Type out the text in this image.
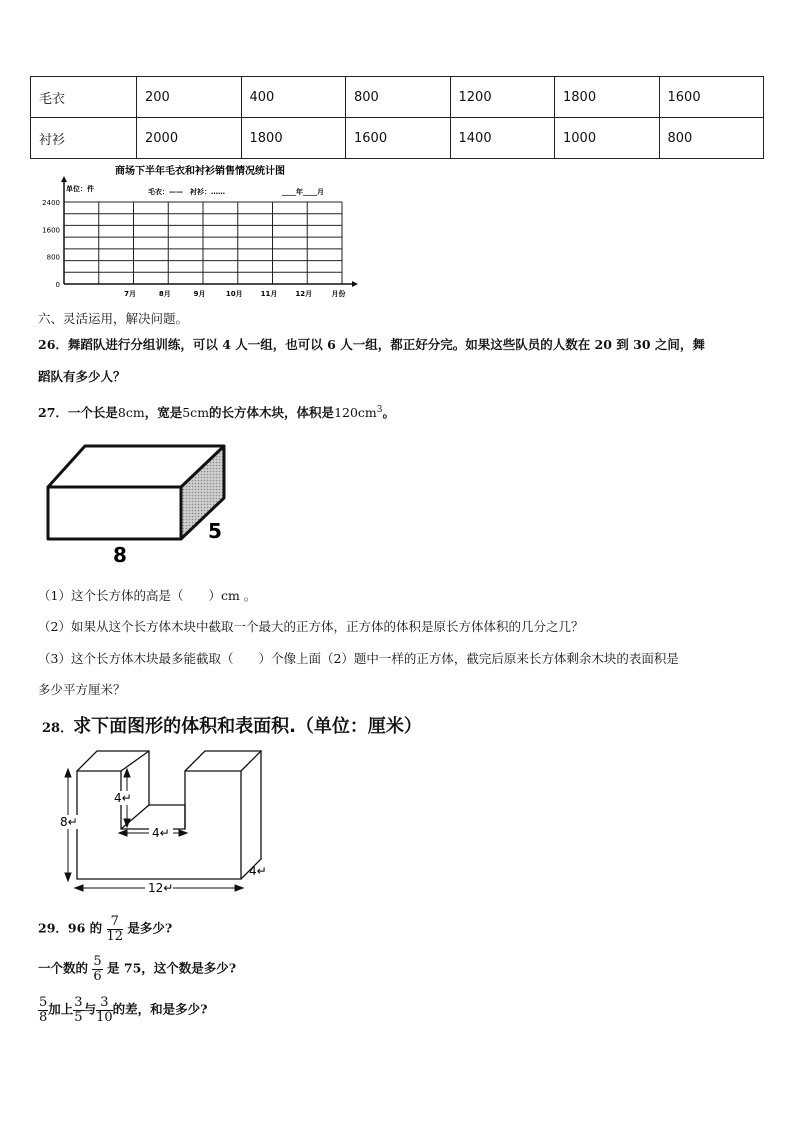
毛衣	200	400	800	1200	1800	1600
衬衫	2000	1800	1600	1400	1000	800
商场下半年毛衣和衬衫销售情况统计图
单位：件	毛衣：—— 衬衫：……	____年____月
2400
1600
800
0
7月	8月	9月	10月	11月	12月	月份
六、灵活运用，解决问题。
26．舞蹈队进行分组训练，可以 4 人一组，也可以 6 人一组，都正好分完。如果这些队员的人数在 20 到 30 之间，舞
蹈队有多少人？
27．一个长是8cm，宽是5cm的长方体木块，体积是$120cm^3$。
5
8
（1）这个长方体的高是（　　）cm 。
（2）如果从这个长方体木块中截取一个最大的正方体，正方体的体积是原长方体体积的几分之几？
（3）这个长方体木块最多能截取（　　）个像上面（2）题中一样的正方体，截完后原来长方体剩余木块的表面积是
多少平方厘米？
28．求下面图形的体积和表面积.（单位：厘米）
4↵
4↵
8↵
12↵
4↵
29．96 的 $\frac{7}{12}$ 是多少?
一个数的 $\frac{5}{6}$ 是 75，这个数是多少?
$\frac{5}{8}$ 加上 $\frac{3}{5}$ 与 $\frac{3}{10}$ 的差，和是多少?
